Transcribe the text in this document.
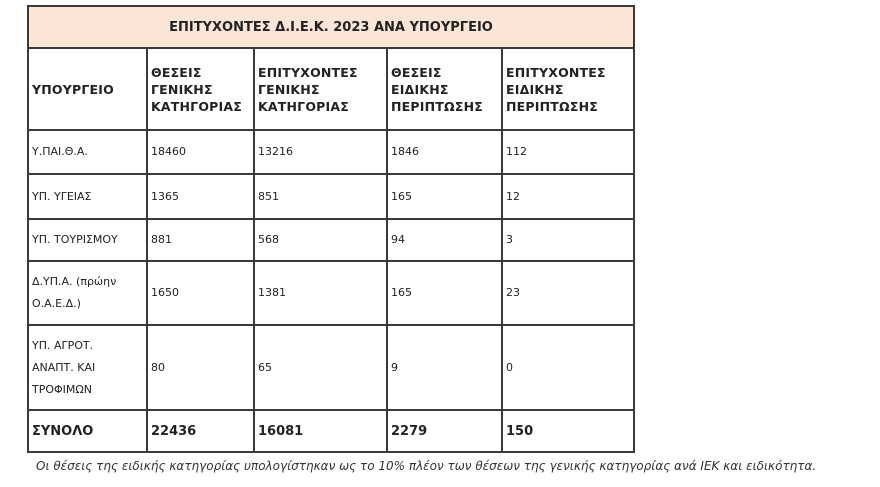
ΕΠΙΤΥΧΟΝΤΕΣ Δ.Ι.Ε.Κ. 2023 ΑΝΑ ΥΠΟΥΡΓΕΙΟ				
ΥΠΟΥΡΓΕΙΟ	ΘΕΣΕΙΣ
ΓΕΝΙΚΗΣ
ΚΑΤΗΓΟΡΙΑΣ	ΕΠΙΤΥΧΟΝΤΕΣ
ΓΕΝΙΚΗΣ
ΚΑΤΗΓΟΡΙΑΣ	ΘΕΣΕΙΣ
ΕΙΔΙΚΗΣ
ΠΕΡΙΠΤΩΣΗΣ	ΕΠΙΤΥΧΟΝΤΕΣ
ΕΙΔΙΚΗΣ
ΠΕΡΙΠΤΩΣΗΣ
Υ.ΠΑΙ.Θ.Α.	18460	13216	1846	112
ΥΠ. ΥΓΕΙΑΣ	1365	851	165	12
ΥΠ. ΤΟΥΡΙΣΜΟΥ	881	568	94	3
Δ.ΥΠ.Α. (πρώην
Ο.Α.Ε.Δ.)	1650	1381	165	23
ΥΠ. ΑΓΡΟΤ.
ΑΝΑΠΤ. ΚΑΙ
ΤΡΟΦΙΜΩΝ	80	65	9	0
ΣΥΝΟΛΟ	22436	16081	2279	150
Οι θέσεις της ειδικής κατηγορίας υπολογίστηκαν ως το 10% πλέον των θέσεων της γενικής κατηγορίας ανά ΙΕΚ και ειδικότητα.
